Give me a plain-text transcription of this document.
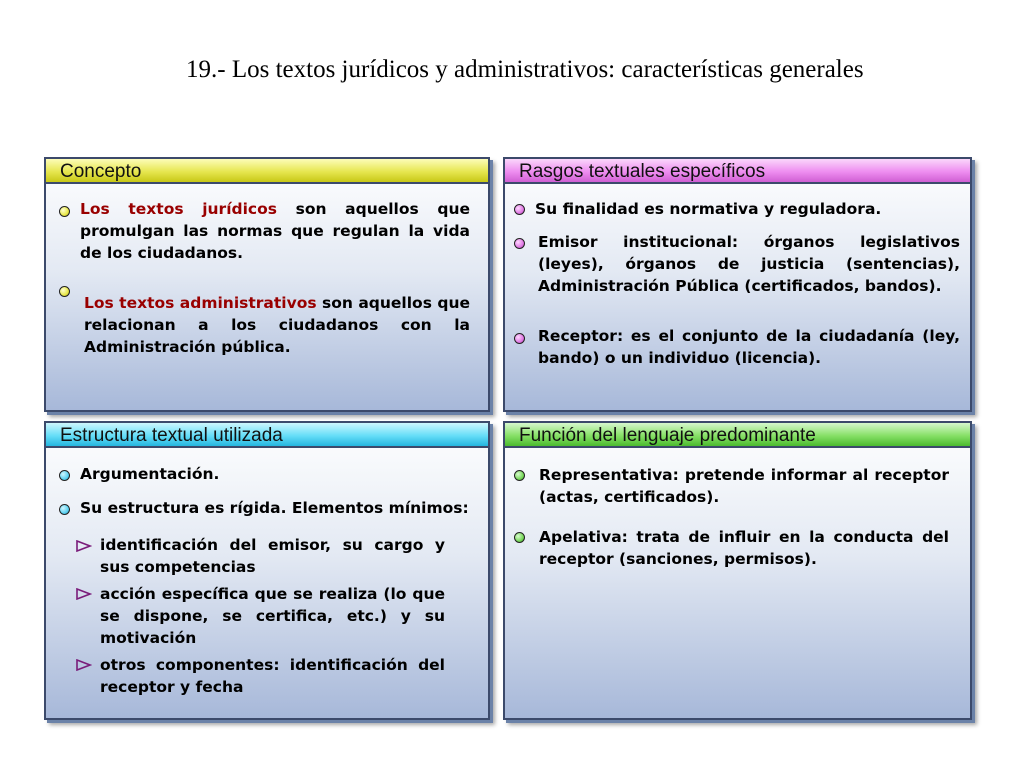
19.- Los textos jurídicos y administrativos: características generales
Concepto
Los textos jurídicos son aquellos que promulgan las normas que regulan la vida de los ciudadanos.
Los textos administrativos son aquellos que relacionan a los ciudadanos con la Administración pública.
Rasgos textuales específicos
Su finalidad es normativa y reguladora.
Emisor institucional: órganos legislativos (leyes), órganos de justicia (sentencias), Administración Pública (certificados, bandos).
Receptor: es el conjunto de la ciudadanía (ley, bando) o un individuo (licencia).
Estructura textual utilizada
Argumentación.
Su estructura es rígida. Elementos mínimos:
identificación del emisor, su cargo y sus competencias
acción específica que se realiza (lo que se dispone, se certifica, etc.) y su motivación
otros componentes: identificación del receptor y fecha
Función del lenguaje predominante
Representativa: pretende informar al receptor (actas, certificados).
Apelativa: trata de influir en la conducta del receptor (sanciones, permisos).
